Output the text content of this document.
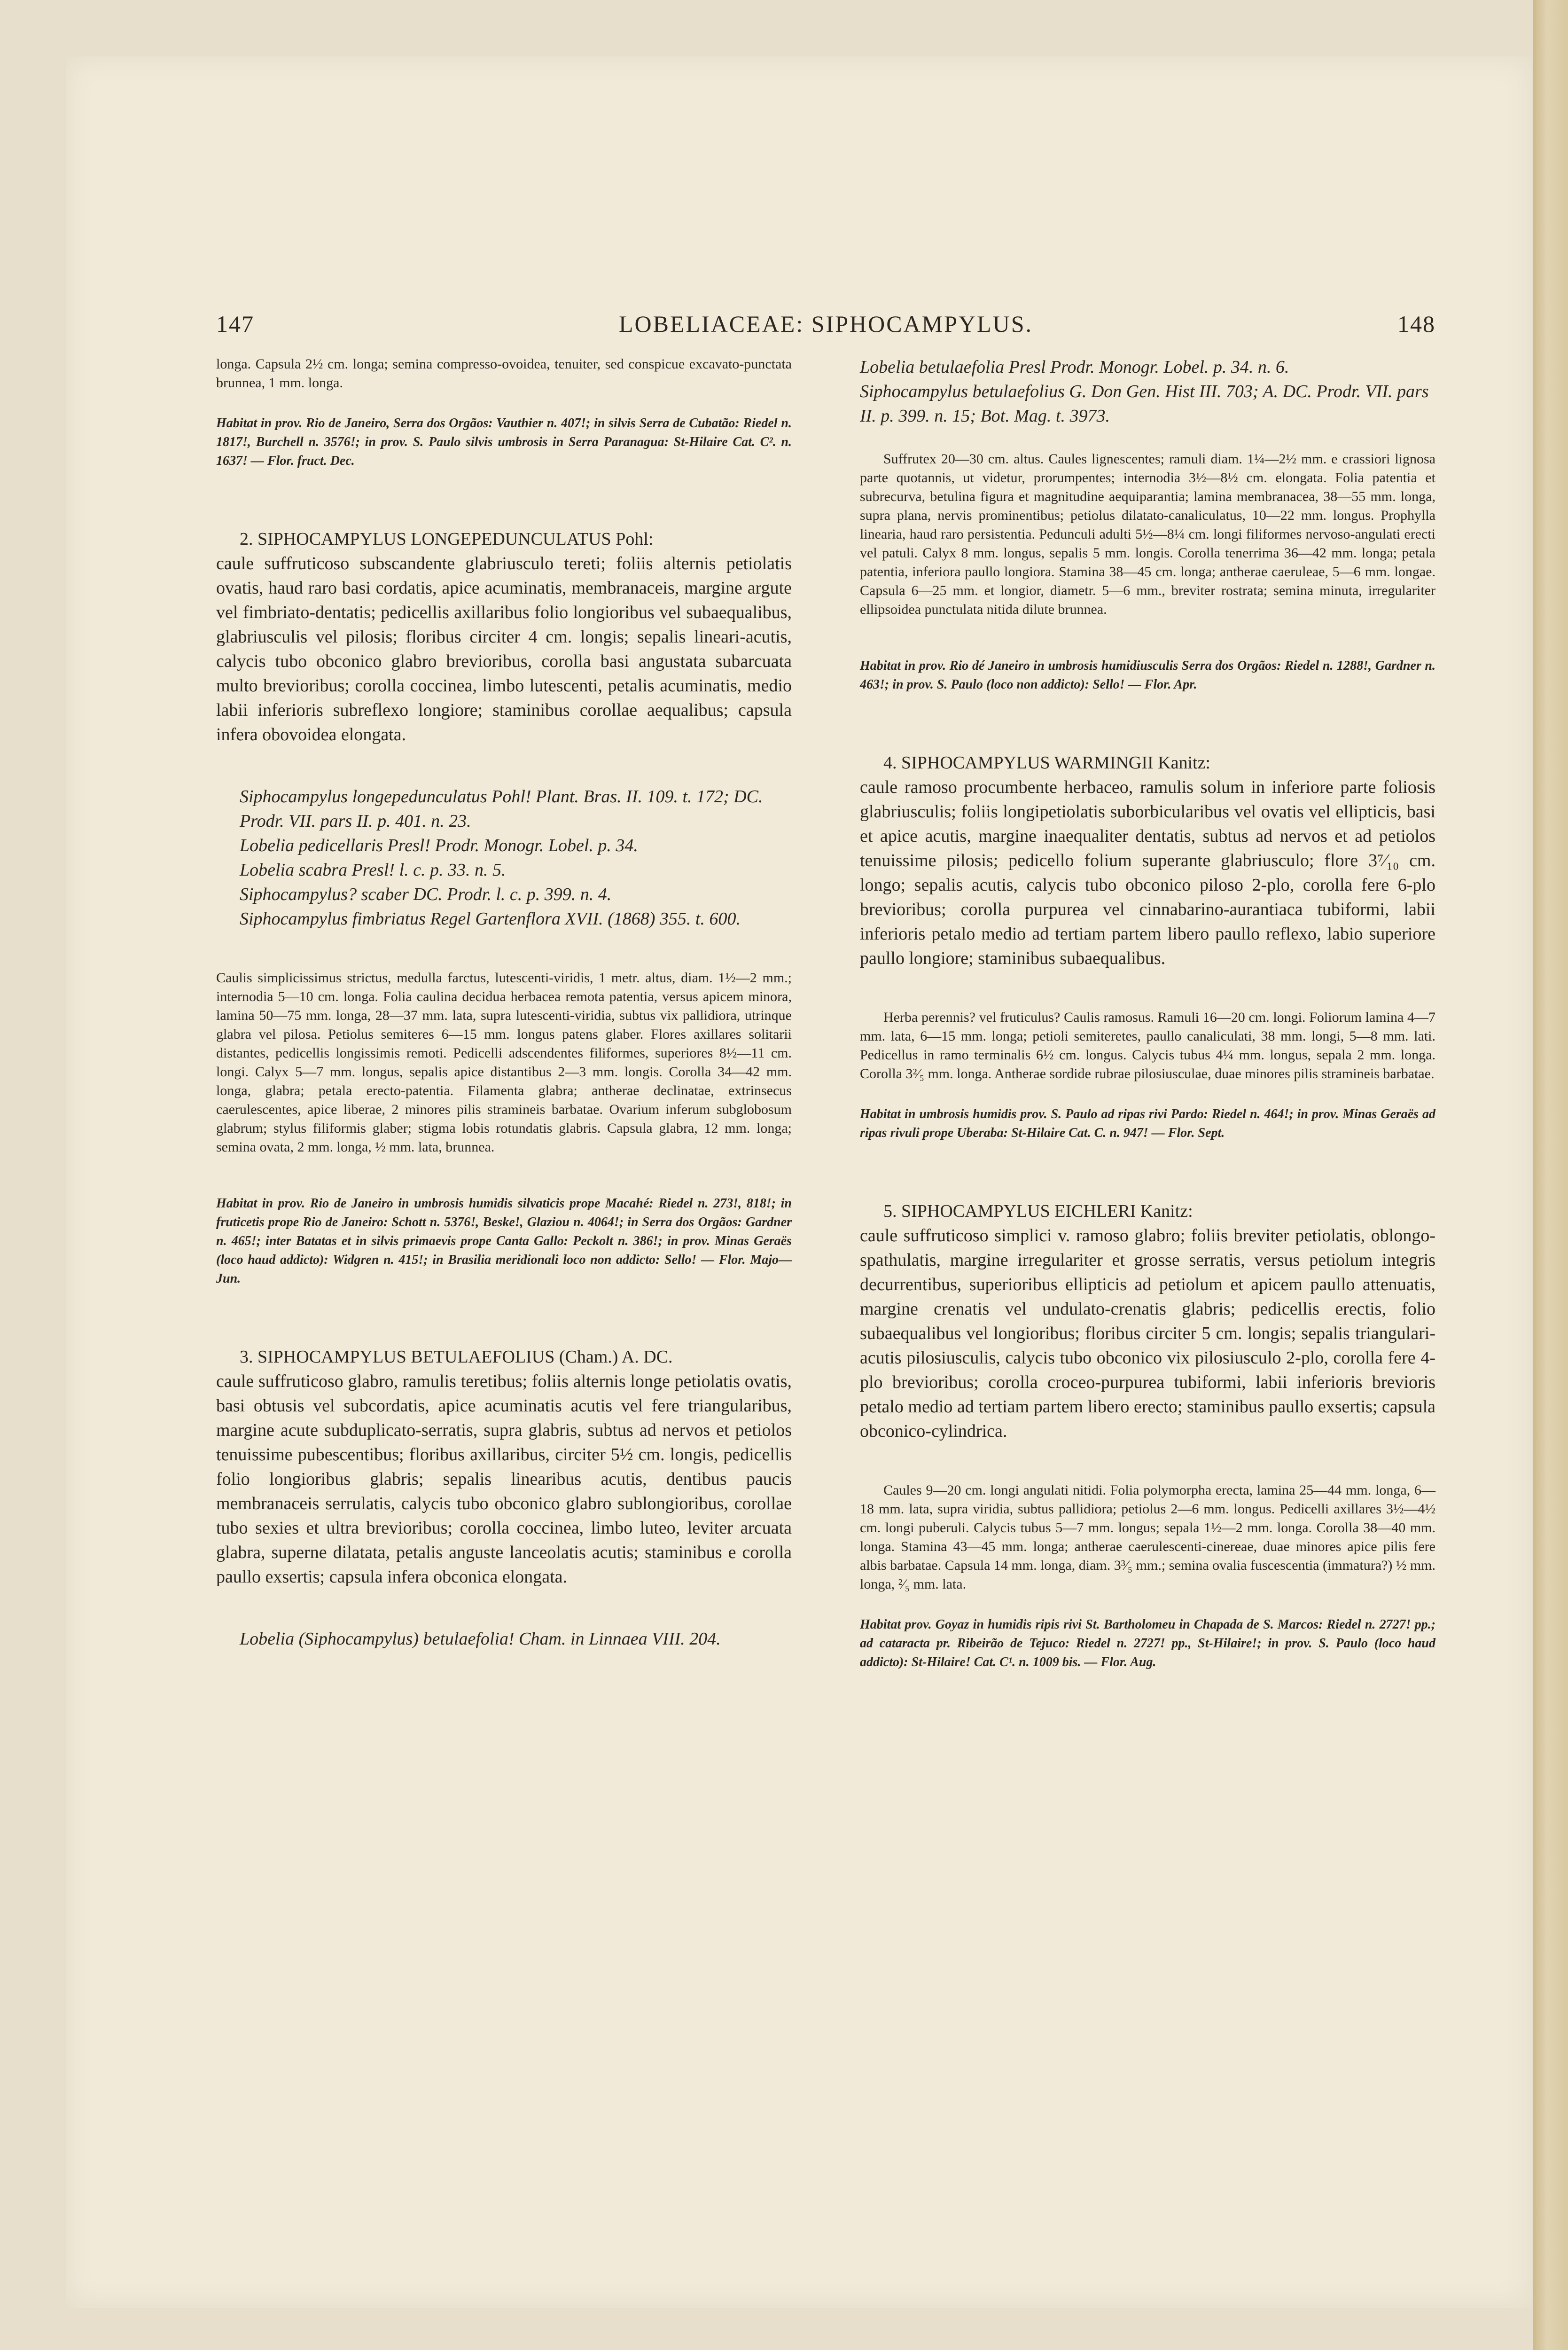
147	LOBELIACEAE: SIPHOCAMPYLUS.	148

longa. Capsula 2½ cm. longa; semina compresso-ovoidea, tenuiter, sed conspicue excavato-punctata brunnea, 1 mm. longa.

Habitat in prov. Rio de Janeiro, Serra dos Orgãos: Vauthier n. 407!; in silvis Serra de Cubatão: Riedel n. 1817!, Burchell n. 3576!; in prov. S. Paulo silvis umbrosis in Serra Paranagua: St-Hilaire Cat. C². n. 1637! — Flor. fruct. Dec.

2. SIPHOCAMPYLUS LONGEPEDUNCULATUS Pohl:

caule suffruticoso subscandente glabriusculo tereti; foliis alternis petiolatis ovatis, haud raro basi cordatis, apice acuminatis, membranaceis, margine argute vel fimbriato-dentatis; pedicellis axillaribus folio longioribus vel subaequalibus, glabriusculis vel pilosis; floribus circiter 4 cm. longis; sepalis lineari-acutis, calycis tubo obconico glabro brevioribus, corolla basi angustata subarcuata multo brevioribus; corolla coccinea, limbo lutescenti, petalis acuminatis, medio labii inferioris subreflexo longiore; staminibus corollae aequalibus; capsula infera obovoidea elongata.

Siphocampylus longepedunculatus Pohl! Plant. Bras. II. 109. t. 172; DC. Prodr. VII. pars II. p. 401. n. 23.
Lobelia pedicellaris Presl! Prodr. Monogr. Lobel. p. 34.
Lobelia scabra Presl! l. c. p. 33. n. 5.
Siphocampylus? scaber DC. Prodr. l. c. p. 399. n. 4.
Siphocampylus fimbriatus Regel Gartenflora XVII. (1868) 355. t. 600.

Caulis simplicissimus strictus, medulla farctus, lutescenti-viridis, 1 metr. altus, diam. 1½—2 mm.; internodia 5—10 cm. longa. Folia caulina decidua herbacea remota patentia, versus apicem minora, lamina 50—75 mm. longa, 28—37 mm. lata, supra lutescenti-viridia, subtus vix pallidiora, utrinque glabra vel pilosa. Petiolus semiteres 6—15 mm. longus patens glaber. Flores axillares solitarii distantes, pedicellis longissimis remoti. Pedicelli adscendentes filiformes, superiores 8½—11 cm. longi. Calyx 5—7 mm. longus, sepalis apice distantibus 2—3 mm. longis. Corolla 34—42 mm. longa, glabra; petala erecto-patentia. Filamenta glabra; antherae declinatae, extrinsecus caerulescentes, apice liberae, 2 minores pilis stramineis barbatae. Ovarium inferum subglobosum glabrum; stylus filiformis glaber; stigma lobis rotundatis glabris. Capsula glabra, 12 mm. longa; semina ovata, 2 mm. longa, ½ mm. lata, brunnea.

Habitat in prov. Rio de Janeiro in umbrosis humidis silvaticis prope Macahé: Riedel n. 273!, 818!; in fruticetis prope Rio de Janeiro: Schott n. 5376!, Beske!, Glaziou n. 4064!; in Serra dos Orgãos: Gardner n. 465!; inter Batatas et in silvis primaevis prope Canta Gallo: Peckolt n. 386!; in prov. Minas Geraës (loco haud addicto): Widgren n. 415!; in Brasilia meridionali loco non addicto: Sello! — Flor. Majo—Jun.

3. SIPHOCAMPYLUS BETULAEFOLIUS (Cham.) A. DC.

caule suffruticoso glabro, ramulis teretibus; foliis alternis longe petiolatis ovatis, basi obtusis vel subcordatis, apice acuminatis acutis vel fere triangularibus, margine acute subduplicato-serratis, supra glabris, subtus ad nervos et petiolos tenuissime pubescentibus; floribus axillaribus, circiter 5½ cm. longis, pedicellis folio longioribus glabris; sepalis linearibus acutis, dentibus paucis membranaceis serrulatis, calycis tubo obconico glabro sublongioribus, corollae tubo sexies et ultra brevioribus; corolla coccinea, limbo luteo, leviter arcuata glabra, superne dilatata, petalis anguste lanceolatis acutis; staminibus e corolla paullo exsertis; capsula infera obconica elongata.

Lobelia (Siphocampylus) betulaefolia! Cham. in Linnaea VIII. 204.
Lobelia betulaefolia Presl Prodr. Monogr. Lobel. p. 34. n. 6.
Siphocampylus betulaefolius G. Don Gen. Hist III. 703; A. DC. Prodr. VII. pars II. p. 399. n. 15; Bot. Mag. t. 3973.

Suffrutex 20—30 cm. altus. Caules lignescentes; ramuli diam. 1¼—2½ mm. e crassiori lignosa parte quotannis, ut videtur, prorumpentes; internodia 3½—8½ cm. elongata. Folia patentia et subrecurva, betulina figura et magnitudine aequiparantia; lamina membranacea, 38—55 mm. longa, supra plana, nervis prominentibus; petiolus dilatato-canaliculatus, 10—22 mm. longus. Prophylla linearia, haud raro persistentia. Pedunculi adulti 5½—8¼ cm. longi filiformes nervoso-angulati erecti vel patuli. Calyx 8 mm. longus, sepalis 5 mm. longis. Corolla tenerrima 36—42 mm. longa; petala patentia, inferiora paullo longiora. Stamina 38—45 cm. longa; antherae caeruleae, 5—6 mm. longae. Capsula 6—25 mm. et longior, diametr. 5—6 mm., breviter rostrata; semina minuta, irregulariter ellipsoidea punctulata nitida dilute brunnea.

Habitat in prov. Rio dé Janeiro in umbrosis humidiusculis Serra dos Orgãos: Riedel n. 1288!, Gardner n. 463!; in prov. S. Paulo (loco non addicto): Sello! — Flor. Apr.

4. SIPHOCAMPYLUS WARMINGII Kanitz:

caule ramoso procumbente herbaceo, ramulis solum in inferiore parte foliosis glabriusculis; foliis longipetiolatis suborbicularibus vel ovatis vel ellipticis, basi et apice acutis, margine inaequaliter dentatis, subtus ad nervos et ad petiolos tenuissime pilosis; pedicello folium superante glabriusculo; flore 3⁷⁄₁₀ cm. longo; sepalis acutis, calycis tubo obconico piloso 2-plo, corolla fere 6-plo brevioribus; corolla purpurea vel cinnabarino-aurantiaca tubiformi, labii inferioris petalo medio ad tertiam partem libero paullo reflexo, labio superiore paullo longiore; staminibus subaequalibus.

Herba perennis? vel fruticulus? Caulis ramosus. Ramuli 16—20 cm. longi. Foliorum lamina 4—7 mm. lata, 6—15 mm. longa; petioli semiteretes, paullo canaliculati, 38 mm. longi, 5—8 mm. lati. Pedicellus in ramo terminalis 6½ cm. longus. Calycis tubus 4¼ mm. longus, sepala 2 mm. longa. Corolla 3²⁄₅ mm. longa. Antherae sordide rubrae pilosiusculae, duae minores pilis stramineis barbatae.

Habitat in umbrosis humidis prov. S. Paulo ad ripas rivi Pardo: Riedel n. 464!; in prov. Minas Geraës ad ripas rivuli prope Uberaba: St-Hilaire Cat. C. n. 947! — Flor. Sept.

5. SIPHOCAMPYLUS EICHLERI Kanitz:

caule suffruticoso simplici v. ramoso glabro; foliis breviter petiolatis, oblongo-spathulatis, margine irregulariter et grosse serratis, versus petiolum integris decurrentibus, superioribus ellipticis ad petiolum et apicem paullo attenuatis, margine crenatis vel undulato-crenatis glabris; pedicellis erectis, folio subaequalibus vel longioribus; floribus circiter 5 cm. longis; sepalis triangulari-acutis pilosiusculis, calycis tubo obconico vix pilosiusculo 2-plo, corolla fere 4-plo brevioribus; corolla croceo-purpurea tubiformi, labii inferioris brevioris petalo medio ad tertiam partem libero erecto; staminibus paullo exsertis; capsula obconico-cylindrica.

Caules 9—20 cm. longi angulati nitidi. Folia polymorpha erecta, lamina 25—44 mm. longa, 6—18 mm. lata, supra viridia, subtus pallidiora; petiolus 2—6 mm. longus. Pedicelli axillares 3½—4½ cm. longi puberuli. Calycis tubus 5—7 mm. longus; sepala 1½—2 mm. longa. Corolla 38—40 mm. longa. Stamina 43—45 mm. longa; antherae caerulescenti-cinereae, duae minores apice pilis fere albis barbatae. Capsula 14 mm. longa, diam. 3³⁄₅ mm.; semina ovalia fuscescentia (immatura?) ½ mm. longa, ²⁄₅ mm. lata.

Habitat prov. Goyaz in humidis ripis rivi St. Bartholomeu in Chapada de S. Marcos: Riedel n. 2727! pp.; ad cataracta pr. Ribeirão de Tejuco: Riedel n. 2727! pp., St-Hilaire!; in prov. S. Paulo (loco haud addicto): St-Hilaire! Cat. C¹. n. 1009 bis. — Flor. Aug.
